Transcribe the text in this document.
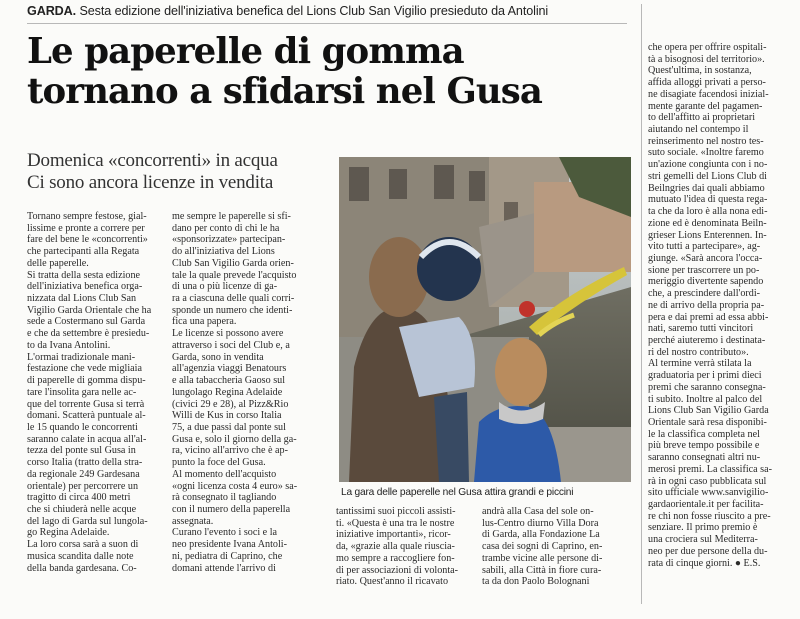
GARDA. Sesta edizione dell'iniziativa benefica del Lions Club San Vigilio presieduto da Antolini
Le paperelle di gomma
tornano a sfidarsi nel Gusa
Domenica «concorrenti» in acqua
Ci sono ancora licenze in vendita

Tornano sempre festose, gial-
lissime e pronte a correre per
fare del bene le «concorrenti»
che partecipanti alla Regata
delle paperelle.

Si tratta della sesta edizione
dell'iniziativa benefica orga-
nizzata dal Lions Club San
Vigilio Garda Orientale che ha
sede a Costermano sul Garda
e che da settembre è presiedu-
to da Ivana Antolini.

L'ormai tradizionale mani-
festazione che vede migliaia
di paperelle di gomma dispu-
tare l'insolita gara nelle ac-
que del torrente Gusa si terrà
domani. Scatterà puntuale al-
le 15 quando le concorrenti
saranno calate in acqua all'al-
tezza del ponte sul Gusa in
corso Italia (tratto della stra-
da regionale 249 Gardesana
orientale) per percorrere un
tragitto di circa 400 metri
che si chiuderà nelle acque
del lago di Garda sul lungola-
go Regina Adelaide.

La loro corsa sarà a suon di
musica scandita dalle note
della banda gardesana. Co-

me sempre le paperelle si sfi-
dano per conto di chi le ha
«sponsorizzate» partecipan-
do all'iniziativa del Lions
Club San Vigilio Garda orien-
tale la quale prevede l'acquisto
di una o più licenze di ga-
ra a ciascuna delle quali corri-
sponde un numero che identi-
fica una papera.

Le licenze si possono avere
attraverso i soci del Club e, a
Garda, sono in vendita
all'agenzia viaggi Benatours
e alla tabaccheria Gaoso sul
lungolago Regina Adelaide
(civici 29 e 28), al Pizz&Rio
Willi de Kus in corso Italia
75, a due passi dal ponte sul
Gusa e, solo il giorno della ga-
ra, vicino all'arrivo che è ap-
punto la foce del Gusa.

Al momento dell'acquisto
«ogni licenza costa 4 euro» sa-
rà consegnato il tagliando
con il numero della paperella
assegnata.

Curano l'evento i soci e la
neo presidente Ivana Antoli-
ni, pediatra di Caprino, che
domani attende l'arrivo di

La gara delle paperelle nel Gusa attira grandi e piccini

tantissimi suoi piccoli assisti-
ti. «Questa è una tra le nostre
iniziative importanti», ricor-
da, «grazie alla quale riuscia-
mo sempre a raccogliere fon-
di per associazioni di volonta-
riato. Quest'anno il ricavato

andrà alla Casa del sole on-
lus-Centro diurno Villa Dora
di Garda, alla Fondazione La
casa dei sogni di Caprino, en-
trambe vicine alle persone di-
sabili, alla Città in fiore cura-
ta da don Paolo Bolognani

che opera per offrire ospitali-
tà a bisognosi del territorio».

Quest'ultima, in sostanza,
affida alloggi privati a perso-
ne disagiate facendosi inizial-
mente garante del pagamen-
to dell'affitto ai proprietari
aiutando nel contempo il
reinserimento nel nostro tes-
suto sociale. «Inoltre faremo
un'azione congiunta con i no-
stri gemelli del Lions Club di
Beilngries dai quali abbiamo
mutuato l'idea di questa rega-
ta che da loro è alla nona edi-
zione ed è denominata Beiln-
grieser Lions Enterennen. In-
vito tutti a partecipare», ag-
giunge. «Sarà ancora l'occa-
sione per trascorrere un po-
meriggio divertente sapendo
che, a prescindere dall'ordi-
ne di arrivo della propria pa-
pera e dai premi ad essa abbi-
nati, saremo tutti vincitori
perché aiuteremo i destinata-
ri del nostro contributo».

Al termine verrà stilata la
graduatoria per i primi dieci
premi che saranno consegna-
ti subito. Inoltre al palco del
Lions Club San Vigilio Garda
Orientale sarà resa disponibi-
le la classifica completa nel
più breve tempo possibile e
saranno consegnati altri nu-
merosi premi. La classifica sa-
rà in ogni caso pubblicata sul
sito ufficiale www.sanvigilio-
gardaorientale.it per facilita-
re chi non fosse riuscito a pre-
senziare. Il primo premio è
una crociera sul Mediterra-
neo per due persone della du-
rata di cinque giorni. ● E.S.
